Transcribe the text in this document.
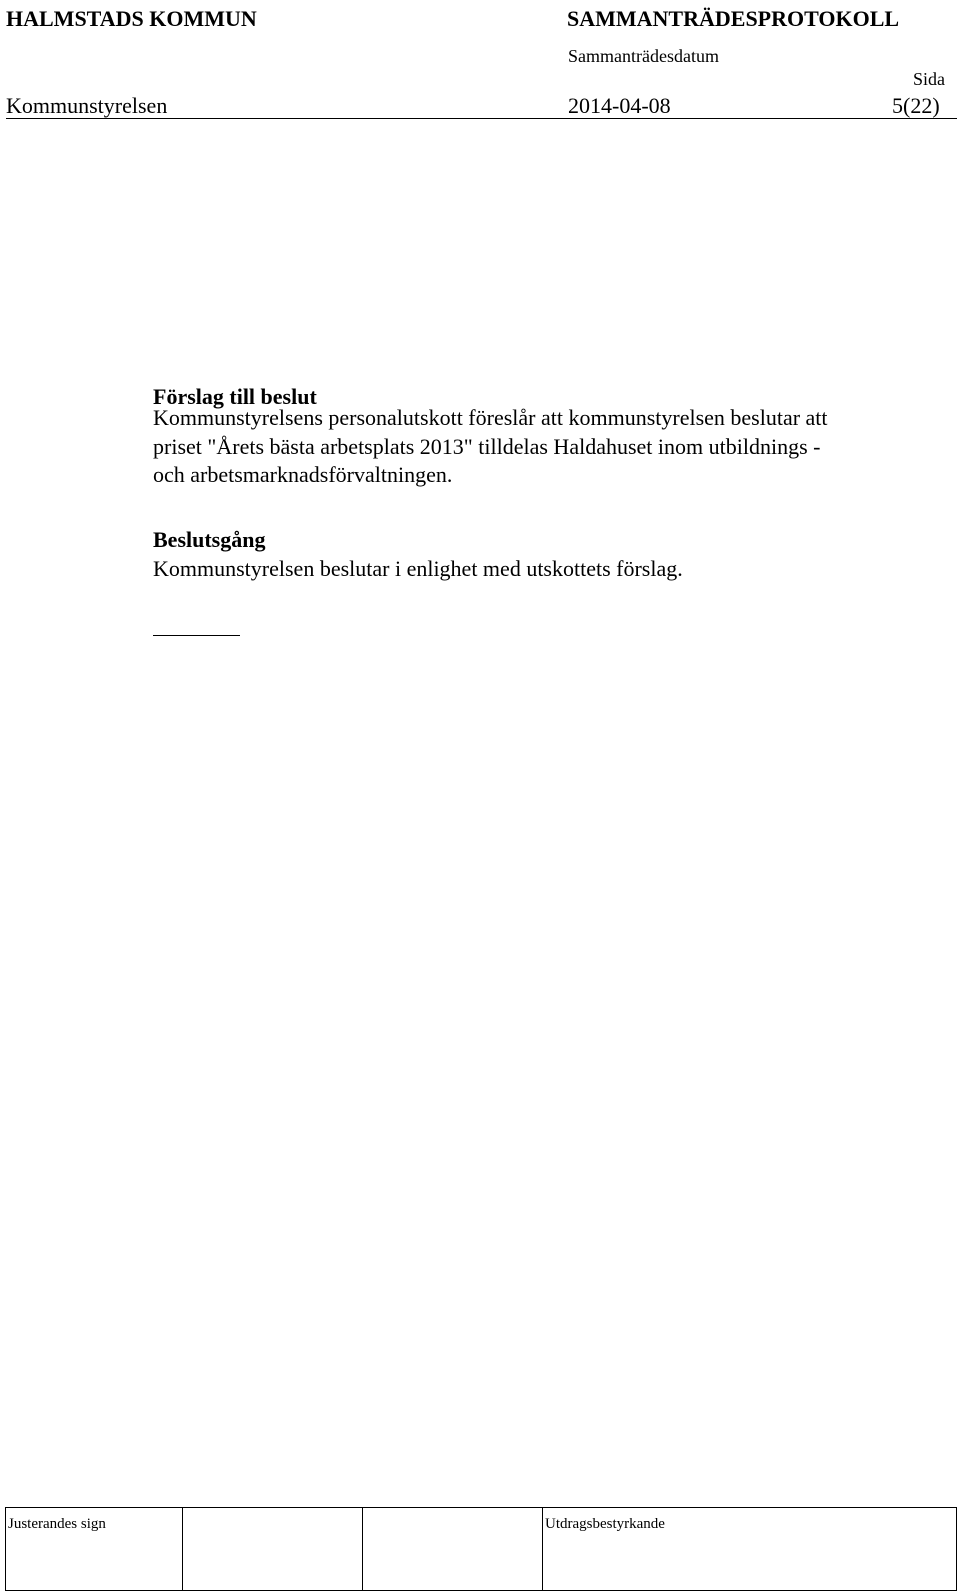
HALMSTADS KOMMUN	SAMMANTRÄDESPROTOKOLL
Sammanträdesdatum
Sida
Kommunstyrelsen	2014-04-08	5(22)
Förslag till beslut
Kommunstyrelsens personalutskott föreslår att kommunstyrelsen beslutar att
priset "Årets bästa arbetsplats 2013" tilldelas Haldahuset inom utbildnings -
och arbetsmarknadsförvaltningen.
Beslutsgång
Kommunstyrelsen beslutar i enlighet med utskottets förslag.
Justerandes sign	Utdragsbestyrkande
